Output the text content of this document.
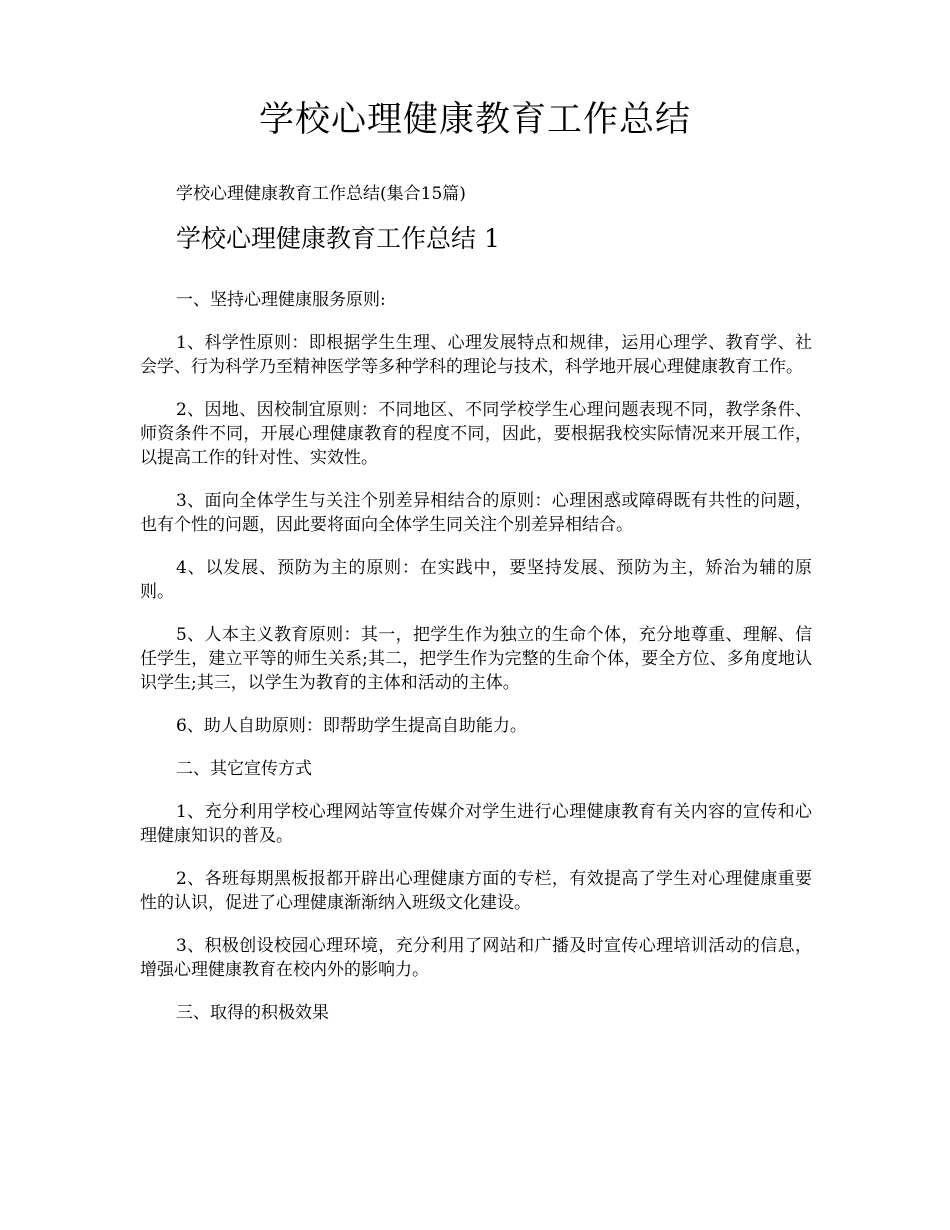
学校心理健康教育工作总结

学校心理健康教育工作总结(集合15篇)

学校心理健康教育工作总结 1

一、坚持心理健康服务原则:

1、科学性原则：即根据学生生理、心理发展特点和规律，运用心理学、教育学、社会学、行为科学乃至精神医学等多种学科的理论与技术，科学地开展心理健康教育工作。

2、因地、因校制宜原则：不同地区、不同学校学生心理问题表现不同，教学条件、师资条件不同，开展心理健康教育的程度不同，因此，要根据我校实际情况来开展工作，以提高工作的针对性、实效性。

3、面向全体学生与关注个别差异相结合的原则：心理困惑或障碍既有共性的问题，也有个性的问题，因此要将面向全体学生同关注个别差异相结合。

4、以发展、预防为主的原则：在实践中，要坚持发展、预防为主，矫治为辅的原则。

5、人本主义教育原则：其一，把学生作为独立的生命个体，充分地尊重、理解、信任学生，建立平等的师生关系;其二，把学生作为完整的生命个体，要全方位、多角度地认识学生;其三，以学生为教育的主体和活动的主体。

6、助人自助原则：即帮助学生提高自助能力。

二、其它宣传方式

1、充分利用学校心理网站等宣传媒介对学生进行心理健康教育有关内容的宣传和心理健康知识的普及。

2、各班每期黑板报都开辟出心理健康方面的专栏，有效提高了学生对心理健康重要性的认识，促进了心理健康渐渐纳入班级文化建设。

3、积极创设校园心理环境，充分利用了网站和广播及时宣传心理培训活动的信息，增强心理健康教育在校内外的影响力。

三、取得的积极效果
